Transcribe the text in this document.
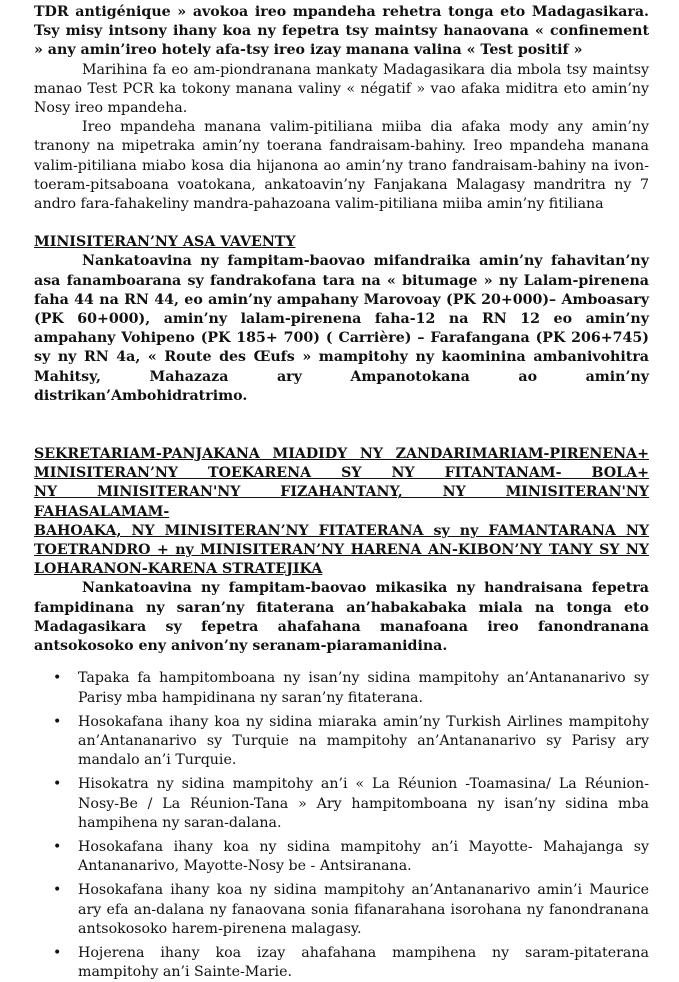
TDR antigénique » avokoa ireo mpandeha rehetra tonga eto Madagasikara. Tsy misy intsony ihany koa ny fepetra tsy maintsy hanaovana « confinement » any amin’ireo hotely afa-tsy ireo izay manana valina « Test positif »

Marihina fa eo am-piondranana mankaty Madagasikara dia mbola tsy maintsy manao Test PCR ka tokony manana valiny « négatif » vao afaka miditra eto amin’ny Nosy ireo mpandeha.

Ireo mpandeha manana valim-pitiliana miiba dia afaka mody any amin’ny tranony na mipetraka amin’ny toerana fandraisam-bahiny. Ireo mpandeha manana valim-pitiliana miabo kosa dia hijanona ao amin’ny trano fandraisam-bahiny na ivon-toeram-pitsaboana voatokana, ankatoavin’ny Fanjakana Malagasy mandritra ny 7 andro fara-fahakeliny mandra-pahazoana valim-pitiliana miiba amin’ny fitiliana

MINISITERAN’NY ASA VAVENTY

Nankatoavina ny fampitam-baovao mifandraika amin’ny fahavitan’ny asa fanamboarana sy fandrakofana tara na « bitumage » ny Lalam-pirenena faha 44 na RN 44, eo amin’ny ampahany Marovoay (PK 20+000)– Amboasary (PK 60+000), amin’ny lalam-pirenena faha-12 na RN 12 eo amin’ny ampahany Vohipeno (PK 185+ 700) ( Carrière) – Farafangana (PK 206+745) sy ny RN 4a, « Route des Œufs » mampitohy ny kaominina ambanivohitra Mahitsy, Mahazaza ary Ampanotokana ao amin’ny distrikan’Ambohidratrimo.

SEKRETARIAM-PANJAKANA MIADIDY NY ZANDARIMARIAM-PIRENENA+
MINISITERAN’NY TOEKARENA SY NY FITANTANAM- BOLA+
NY MINISITERAN'NY FIZAHANTANY, NY MINISITERAN'NY FAHASALAMAM-
BAHOAKA, NY MINISITERAN’NY FITATERANA sy ny FAMANTARANA NY
TOETRANDRO + ny MINISITERAN’NY HARENA AN-KIBON’NY TANY SY NY
LOHARANON-KARENA STRATEJIKA

Nankatoavina ny fampitam-baovao mikasika ny handraisana fepetra fampidinana ny saran’ny fitaterana an’habakabaka miala na tonga eto Madagasikara sy fepetra ahafahana manafoana ireo fanondranana antsokosoko eny anivon’ny seranam-piaramanidina.

• Tapaka fa hampitomboana ny isan’ny sidina mampitohy an’Antananarivo sy Parisy mba hampidinana ny saran’ny fitaterana.
• Hosokafana ihany koa ny sidina miaraka amin’ny Turkish Airlines mampitohy an’Antananarivo sy Turquie na mampitohy an’Antananarivo sy Parisy ary mandalo an’i Turquie.
• Hisokatra ny sidina mampitohy an’i « La Réunion -Toamasina/ La Réunion-Nosy-Be / La Réunion-Tana » Ary hampitomboana ny isan’ny sidina mba hampihena ny saran-dalana.
• Hosokafana ihany koa ny sidina mampitohy an’i Mayotte- Mahajanga sy Antananarivo, Mayotte-Nosy be - Antsiranana.
• Hosokafana ihany koa ny sidina mampitohy an’Antananarivo amin’i Maurice ary efa an-dalana ny fanaovana sonia fifanarahana isorohana ny fanondranana antsokosoko harem-pirenena malagasy.
• Hojerena ihany koa izay ahafahana mampihena ny saram-pitaterana mampitohy an’i Sainte-Marie.
